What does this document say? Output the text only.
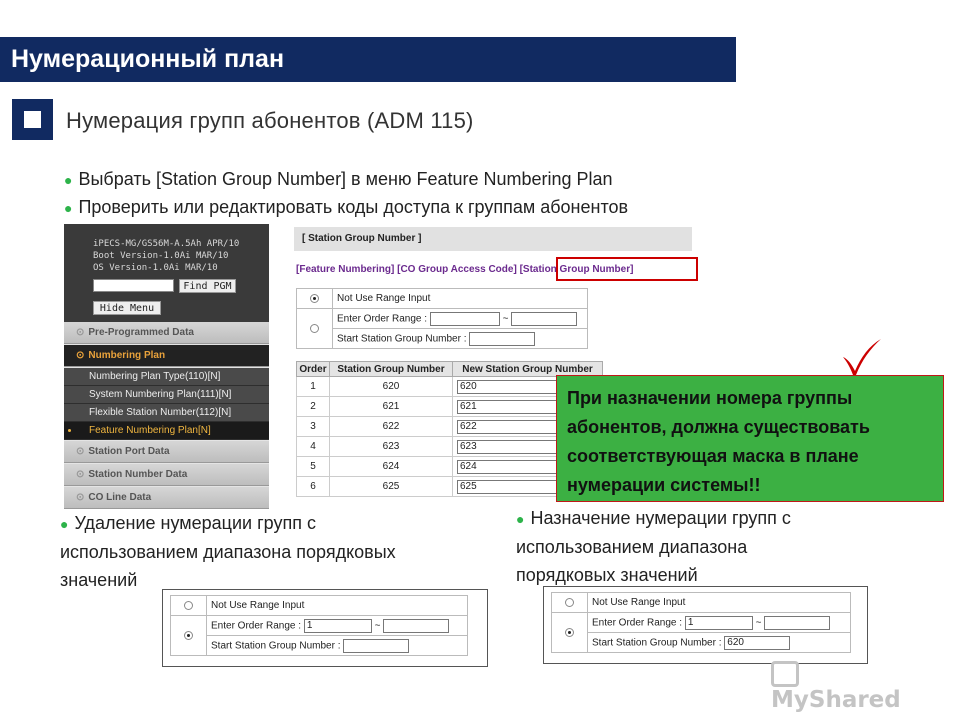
Нумерационный план
Нумерация групп абонентов (ADM 115)
● Выбрать [Station Group Number] в меню Feature Numbering Plan
● Проверить или редактировать коды доступа к группам абонентов
iPECS-MG/GS56M-A.5Ah APR/10
Boot Version-1.0Ai MAR/10
OS Version-1.0Ai MAR/10
Find PGM
Hide Menu
⊙ Pre-Programmed Data
⊙ Numbering Plan
Numbering Plan Type(110)[N]
System Numbering Plan(111)[N]
Flexible Station Number(112)[N]
Feature Numbering Plan[N]
⊙ Station Port Data
⊙ Station Number Data
⊙ CO Line Data
[ Station Group Number ]
[Feature Numbering] [CO Group Access Code] [Station Group Number]
	Not Use Range Input
	Enter Order Range : ~
	Start Station Group Number :
Order	Station Group Number	New Station Group Number
1	620	620
2	621	621
3	622	622
4	623	623
5	624	624
6	625	625
При назначении номера группы
абонентов, должна существовать
соответствующая маска в плане
нумерации системы!!
● Удаление нумерации групп с
использованием диапазона порядковых
значений
● Назначение нумерации групп с
использованием диапазона
порядковых значений
	Not Use Range Input
	Enter Order Range : 1 ~
	Start Station Group Number :
	Not Use Range Input
	Enter Order Range : 1 ~
	Start Station Group Number : 620
MyShared
